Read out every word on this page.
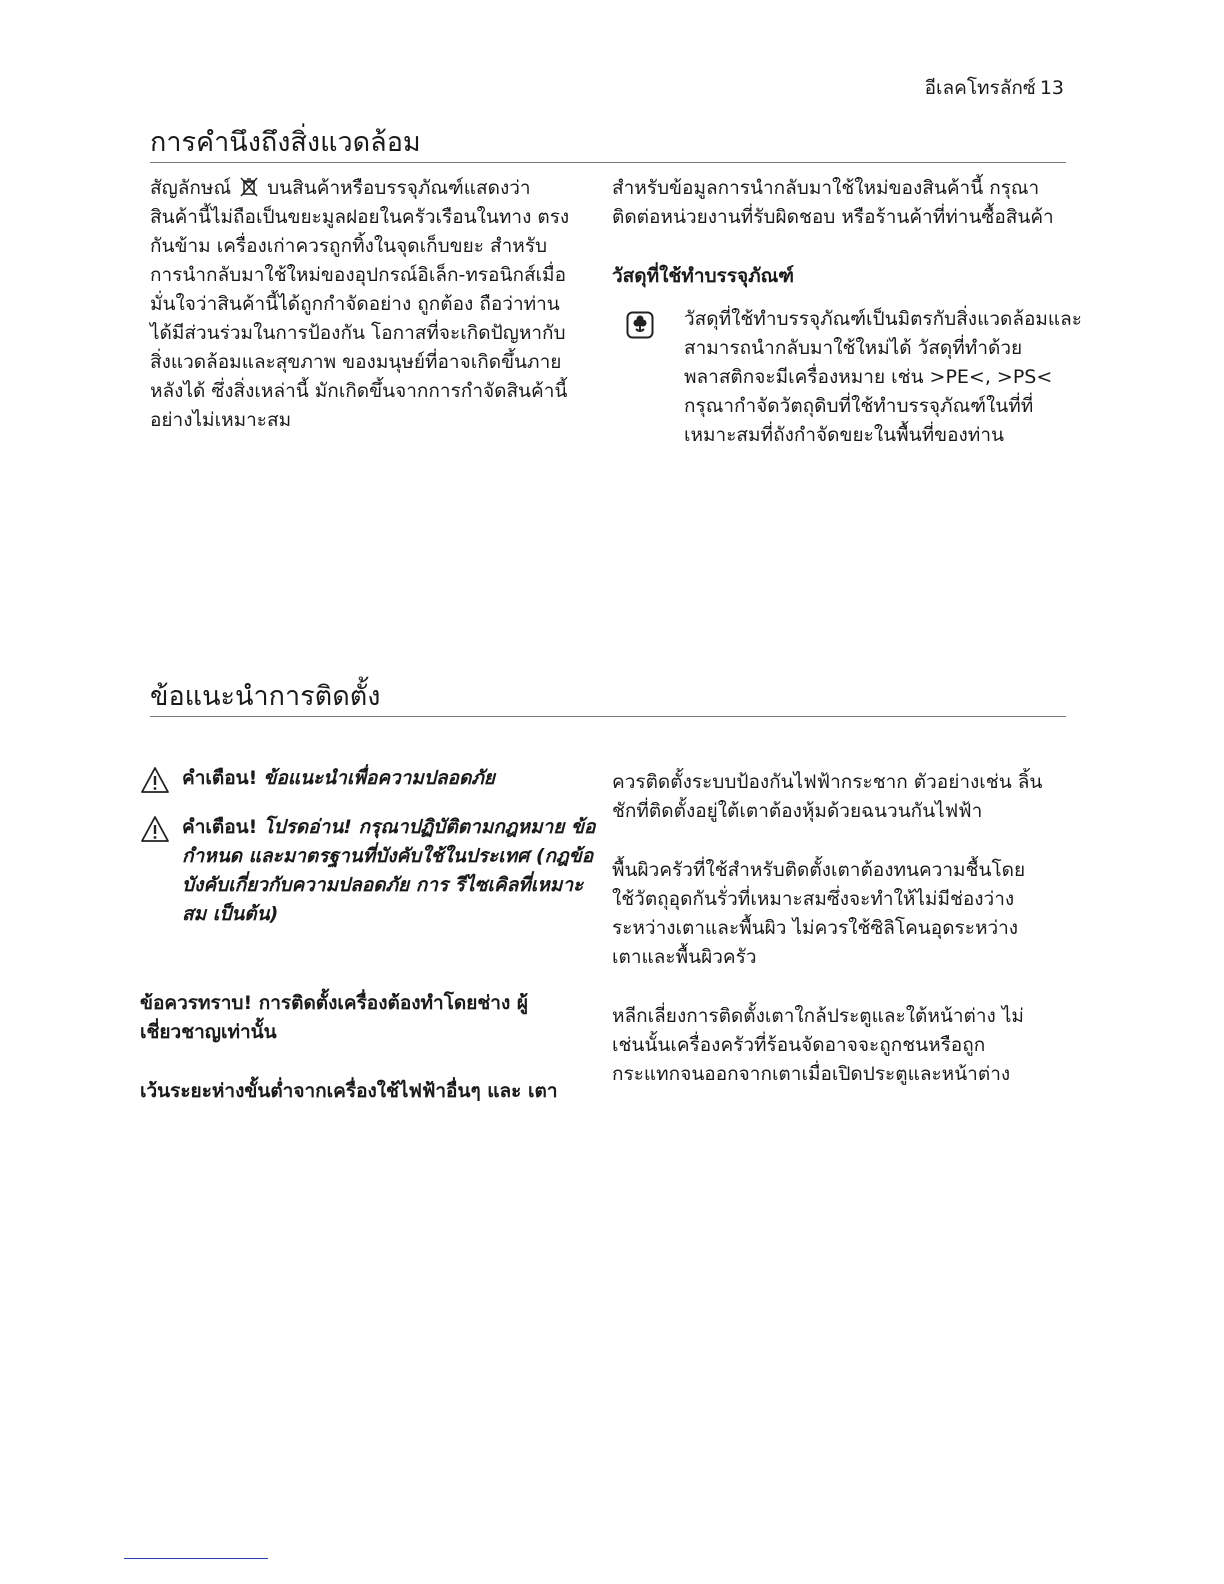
อีเลคโทรลักซ์ 13
การคำนึงถึงสิ่งแวดล้อม

สัญลักษณ์ บนสินค้าหรือบรรจุภัณฑ์แสดงว่า สินค้านี้ไม่ถือเป็นขยะมูลฝอยในครัวเรือนในทาง ตรงกันข้าม เครื่องเก่าควรถูกทิ้งในจุดเก็บขยะ สำหรับการนำกลับมาใช้ใหม่ของอุปกรณ์อิเล็ก-ทรอนิกส์เมื่อมั่นใจว่าสินค้านี้ได้ถูกกำจัดอย่าง ถูกต้อง ถือว่าท่านได้มีส่วนร่วมในการป้องกัน โอกาสที่จะเกิดปัญหากับสิ่งแวดล้อมและสุขภาพ ของมนุษย์ที่อาจเกิดขึ้นภายหลังได้ ซึ่งสิ่งเหล่านี้ มักเกิดขึ้นจากการกำจัดสินค้านี้อย่างไม่เหมาะสม

สำหรับข้อมูลการนำกลับมาใช้ใหม่ของสินค้านี้ กรุณา ติดต่อหน่วยงานที่รับผิดชอบ หรือร้านค้าที่ท่านซื้อสินค้า

วัสดุที่ใช้ทำบรรจุภัณฑ์

วัสดุที่ใช้ทำบรรจุภัณฑ์เป็นมิตรกับสิ่งแวดล้อมและ สามารถนำกลับมาใช้ใหม่ได้ วัสดุที่ทำด้วย พลาสติกจะมีเครื่องหมาย เช่น >PE<, >PS< กรุณากำจัดวัตถุดิบที่ใช้ทำบรรจุภัณฑ์ในที่ที่ เหมาะสมที่ถังกำจัดขยะในพื้นที่ของท่าน

ข้อแนะนำการติดตั้ง
คำเตือน! ข้อแนะนำเพื่อความปลอดภัย
คำเตือน! โปรดอ่าน! กรุณาปฏิบัติตามกฎหมาย ข้อกำหนด และมาตรฐานที่บังคับใช้ในประเทศ (กฎข้อบังคับเกี่ยวกับความปลอดภัย การ รีไซเคิลที่เหมาะสม เป็นต้น)

ข้อควรทราบ! การติดตั้งเครื่องต้องทำโดยช่าง ผู้เชี่ยวชาญเท่านั้น

เว้นระยะห่างขั้นต่ำจากเครื่องใช้ไฟฟ้าอื่นๆ และ เตา

ควรติดตั้งระบบป้องกันไฟฟ้ากระชาก ตัวอย่างเช่น ลิ้นชักที่ติดตั้งอยู่ใต้เตาต้องหุ้มด้วยฉนวนกันไฟฟ้า

พื้นผิวครัวที่ใช้สำหรับติดตั้งเตาต้องทนความชื้นโดย ใช้วัตถุอุดกันรั่วที่เหมาะสมซึ่งจะทำให้ไม่มีช่องว่าง ระหว่างเตาและพื้นผิว ไม่ควรใช้ซิลิโคนอุดระหว่าง เตาและพื้นผิวครัว

หลีกเลี่ยงการติดตั้งเตาใกล้ประตูและใต้หน้าต่าง ไม่เช่นนั้นเครื่องครัวที่ร้อนจัดอาจจะถูกชนหรือถูก กระแทกจนออกจากเตาเมื่อเปิดประตูและหน้าต่าง
